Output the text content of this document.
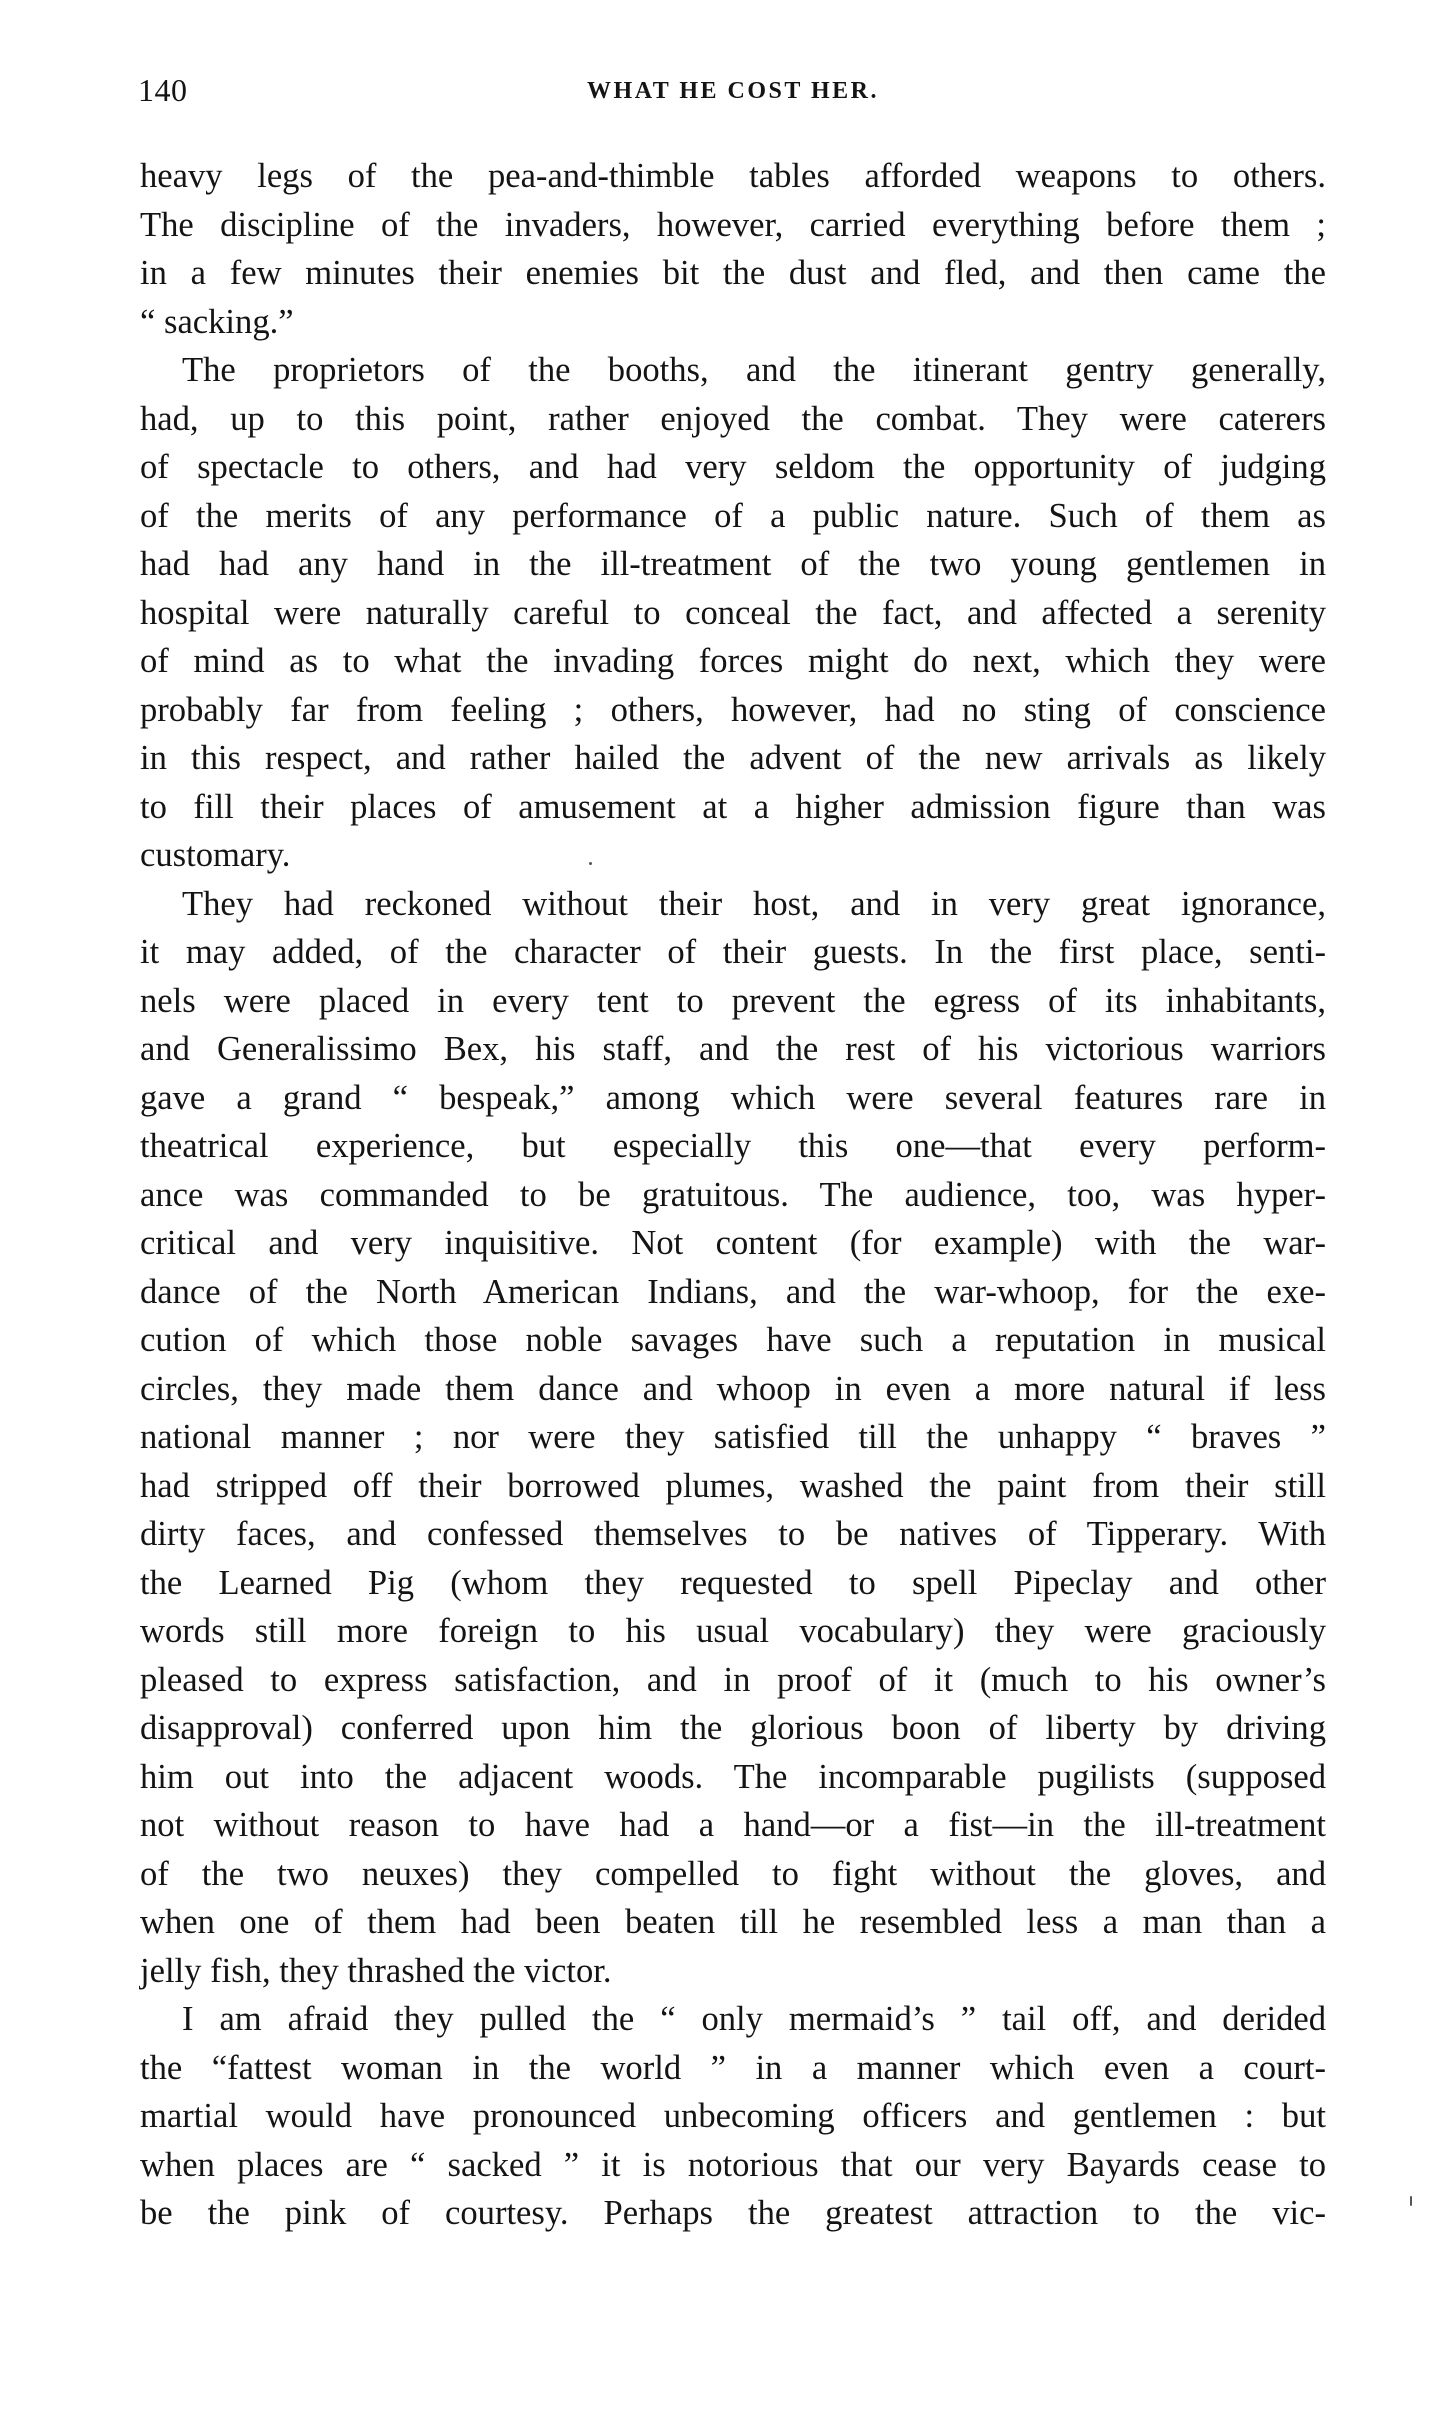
140	WHAT HE COST HER.
heavy legs of the pea-and-thimble tables afforded weapons to others.
The discipline of the invaders, however, carried everything before them ;
in a few minutes their enemies bit the dust and fled, and then came the
“ sacking.”
The proprietors of the booths, and the itinerant gentry generally,
had, up to this point, rather enjoyed the combat. They were caterers
of spectacle to others, and had very seldom the opportunity of judging
of the merits of any performance of a public nature. Such of them as
had had any hand in the ill-treatment of the two young gentlemen in
hospital were naturally careful to conceal the fact, and affected a serenity
of mind as to what the invading forces might do next, which they were
probably far from feeling ; others, however, had no sting of conscience
in this respect, and rather hailed the advent of the new arrivals as likely
to fill their places of amusement at a higher admission figure than was
customary.
They had reckoned without their host, and in very great ignorance,
it may added, of the character of their guests. In the first place, senti-
nels were placed in every tent to prevent the egress of its inhabitants,
and Generalissimo Bex, his staff, and the rest of his victorious warriors
gave a grand “ bespeak,” among which were several features rare in
theatrical experience, but especially this one—that every perform-
ance was commanded to be gratuitous. The audience, too, was hyper-
critical and very inquisitive. Not content (for example) with the war-
dance of the North American Indians, and the war-whoop, for the exe-
cution of which those noble savages have such a reputation in musical
circles, they made them dance and whoop in even a more natural if less
national manner ; nor were they satisfied till the unhappy “ braves ”
had stripped off their borrowed plumes, washed the paint from their still
dirty faces, and confessed themselves to be natives of Tipperary. With
the Learned Pig (whom they requested to spell Pipeclay and other
words still more foreign to his usual vocabulary) they were graciously
pleased to express satisfaction, and in proof of it (much to his owner’s
disapproval) conferred upon him the glorious boon of liberty by driving
him out into the adjacent woods. The incomparable pugilists (supposed
not without reason to have had a hand—or a fist—in the ill-treatment
of the two neuxes) they compelled to fight without the gloves, and
when one of them had been beaten till he resembled less a man than a
jelly fish, they thrashed the victor.
I am afraid they pulled the “ only mermaid’s ” tail off, and derided
the “fattest woman in the world ” in a manner which even a court-
martial would have pronounced unbecoming officers and gentlemen : but
when places are “ sacked ” it is notorious that our very Bayards cease to
be the pink of courtesy. Perhaps the greatest attraction to the vic-
